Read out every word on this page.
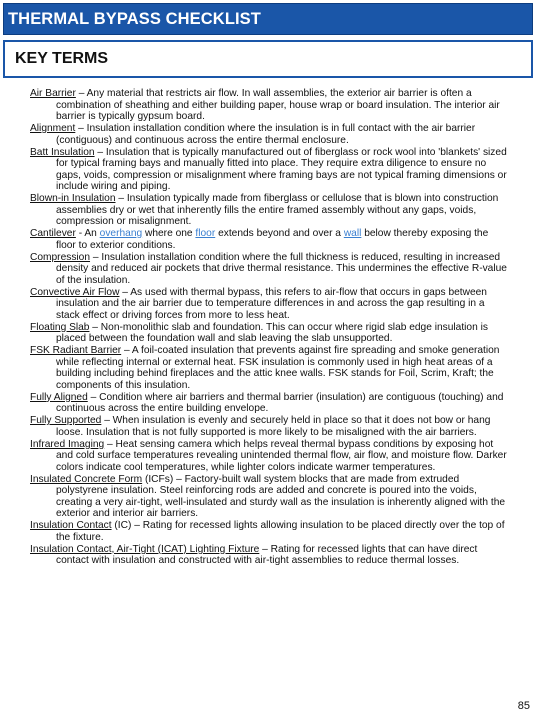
THERMAL BYPASS CHECKLIST
KEY TERMS

Air Barrier – Any material that restricts air flow. In wall assemblies, the exterior air barrier is often a combination of sheathing and either building paper, house wrap or board insulation. The interior air barrier is typically gypsum board.

Alignment – Insulation installation condition where the insulation is in full contact with the air barrier (contiguous) and continuous across the entire thermal enclosure.

Batt Insulation – Insulation that is typically manufactured out of fiberglass or rock wool into 'blankets' sized for typical framing bays and manually fitted into place. They require extra diligence to ensure no gaps, voids, compression or misalignment where framing bays are not typical framing dimensions or include wiring and piping.

Blown-in Insulation – Insulation typically made from fiberglass or cellulose that is blown into construction assemblies dry or wet that inherently fills the entire framed assembly without any gaps, voids, compression or misalignment.

Cantilever - An overhang where one floor extends beyond and over a wall below thereby exposing the floor to exterior conditions.

Compression – Insulation installation condition where the full thickness is reduced, resulting in increased density and reduced air pockets that drive thermal resistance. This undermines the effective R-value of the insulation.

Convective Air Flow – As used with thermal bypass, this refers to air-flow that occurs in gaps between insulation and the air barrier due to temperature differences in and across the gap resulting in a stack effect or driving forces from more to less heat.

Floating Slab – Non-monolithic slab and foundation. This can occur where rigid slab edge insulation is placed between the foundation wall and slab leaving the slab unsupported.

FSK Radiant Barrier – A foil-coated insulation that prevents against fire spreading and smoke generation while reflecting internal or external heat. FSK insulation is commonly used in high heat areas of a building including behind fireplaces and the attic knee walls. FSK stands for Foil, Scrim, Kraft; the components of this insulation.

Fully Aligned – Condition where air barriers and thermal barrier (insulation) are contiguous (touching) and continuous across the entire building envelope.

Fully Supported – When insulation is evenly and securely held in place so that it does not bow or hang loose. Insulation that is not fully supported is more likely to be misaligned with the air barriers.

Infrared Imaging – Heat sensing camera which helps reveal thermal bypass conditions by exposing hot and cold surface temperatures revealing unintended thermal flow, air flow, and moisture flow. Darker colors indicate cool temperatures, while lighter colors indicate warmer temperatures.

Insulated Concrete Form (ICFs) – Factory-built wall system blocks that are made from extruded polystyrene insulation. Steel reinforcing rods are added and concrete is poured into the voids, creating a very air-tight, well-insulated and sturdy wall as the insulation is inherently aligned with the exterior and interior air barriers.

Insulation Contact (IC) – Rating for recessed lights allowing insulation to be placed directly over the top of the fixture.

Insulation Contact, Air-Tight (ICAT) Lighting Fixture – Rating for recessed lights that can have direct contact with insulation and constructed with air-tight assemblies to reduce thermal losses.

85
